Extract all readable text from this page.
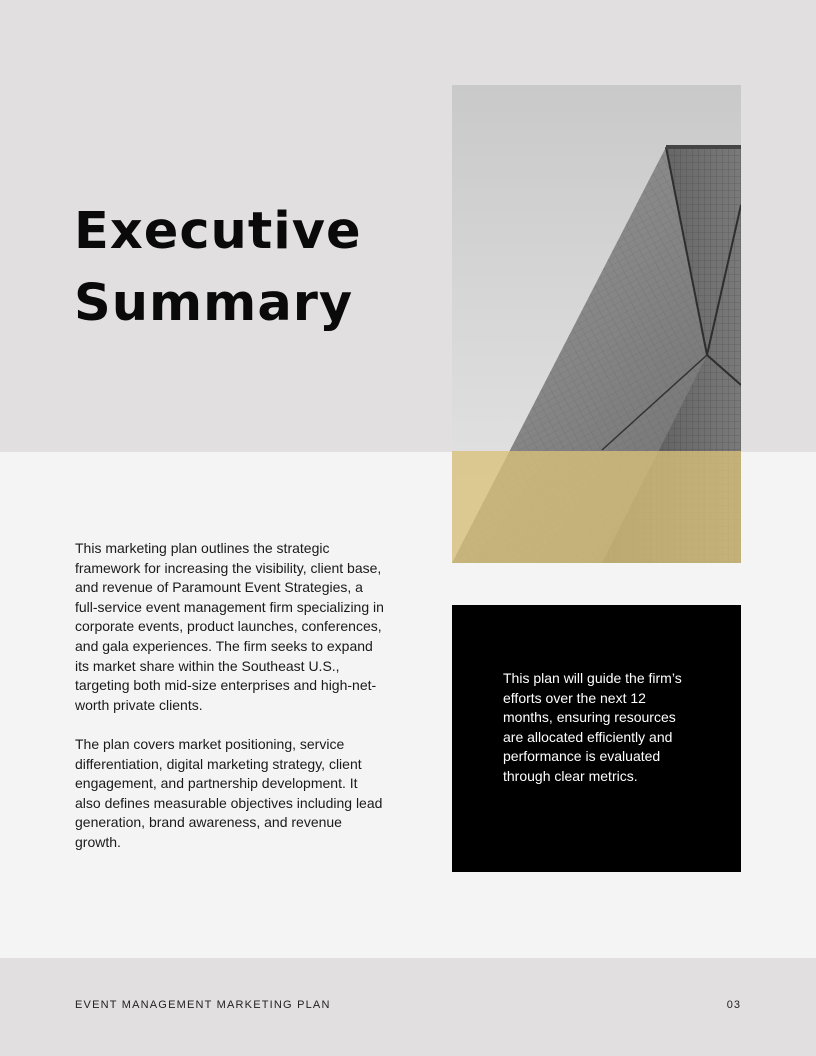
Executive
Summary

This marketing plan outlines the strategic framework for increasing the visibility, client base, and revenue of Paramount Event Strategies, a full-service event management firm specializing in corporate events, product launches, conferences, and gala experiences. The firm seeks to expand its market share within the Southeast U.S., targeting both mid-size enterprises and high-net-worth private clients.

The plan covers market positioning, service differentiation, digital marketing strategy, client engagement, and partnership development. It also defines measurable objectives including lead generation, brand awareness, and revenue growth.

This plan will guide the firm’s efforts over the next 12 months, ensuring resources are allocated efficiently and performance is evaluated through clear metrics.

EVENT MANAGEMENT MARKETING PLAN	03
